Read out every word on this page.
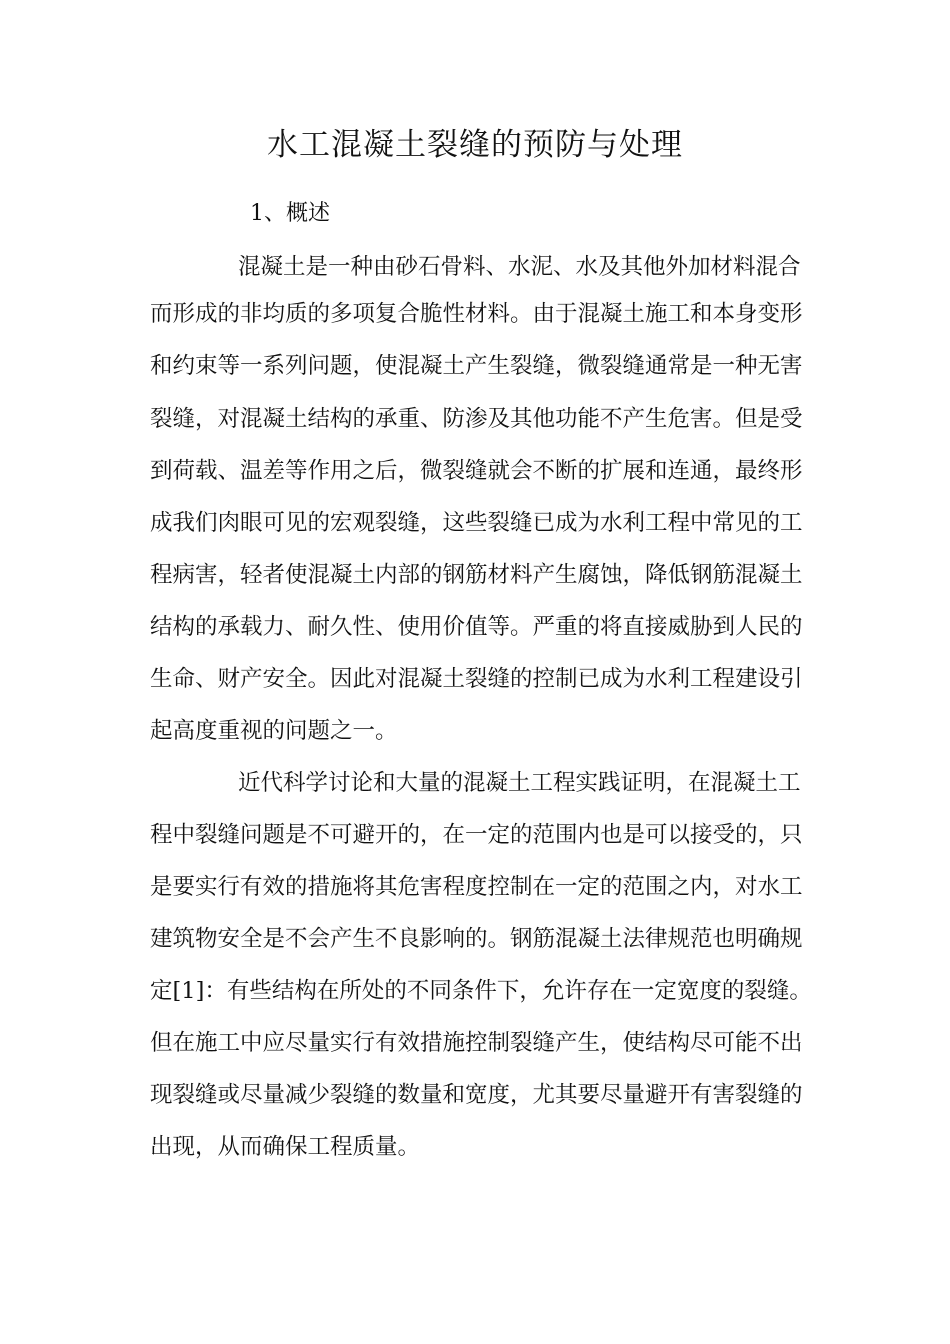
水工混凝土裂缝的预防与处理
1、概述

混凝土是一种由砂石骨料、水泥、水及其他外加材料混合

而形成的非均质的多项复合脆性材料。由于混凝土施工和本身变形

和约束等一系列问题，使混凝土产生裂缝，微裂缝通常是一种无害

裂缝，对混凝土结构的承重、防渗及其他功能不产生危害。但是受

到荷载、温差等作用之后，微裂缝就会不断的扩展和连通，最终形

成我们肉眼可见的宏观裂缝，这些裂缝已成为水利工程中常见的工

程病害，轻者使混凝土内部的钢筋材料产生腐蚀，降低钢筋混凝土

结构的承载力、耐久性、使用价值等。严重的将直接威胁到人民的

生命、财产安全。因此对混凝土裂缝的控制已成为水利工程建设引

起高度重视的问题之一。

近代科学讨论和大量的混凝土工程实践证明，在混凝土工

程中裂缝问题是不可避开的，在一定的范围内也是可以接受的，只

是要实行有效的措施将其危害程度控制在一定的范围之内，对水工

建筑物安全是不会产生不良影响的。钢筋混凝土法律规范也明确规

定[1]：有些结构在所处的不同条件下，允许存在一定宽度的裂缝。

但在施工中应尽量实行有效措施控制裂缝产生，使结构尽可能不出

现裂缝或尽量减少裂缝的数量和宽度，尤其要尽量避开有害裂缝的

出现，从而确保工程质量。
